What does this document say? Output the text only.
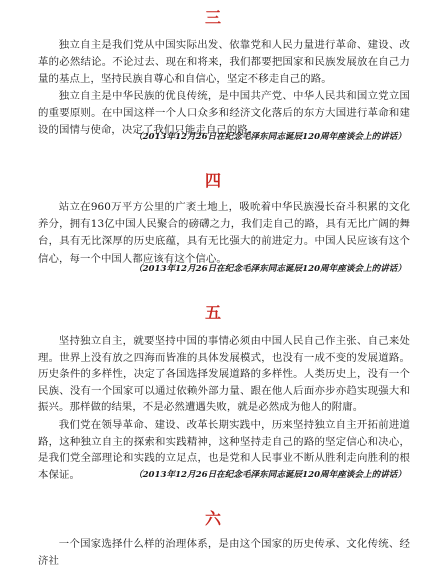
三

独立自主是我们党从中国实际出发、依靠党和人民力量进行革命、建设、改革的必然结论。不论过去、现在和将来，我们都要把国家和民族发展放在自己力量的基点上，坚持民族自尊心和自信心，坚定不移走自己的路。

独立自主是中华民族的优良传统，是中国共产党、中华人民共和国立党立国的重要原则。在中国这样一个人口众多和经济文化落后的东方大国进行革命和建设的国情与使命，决定了我们只能走自己的路。

（2013年12月26日在纪念毛泽东同志诞辰120周年座谈会上的讲话）
四

站立在960万平方公里的广袤土地上，吸吮着中华民族漫长奋斗积累的文化养分，拥有13亿中国人民聚合的磅礴之力，我们走自己的路，具有无比广阔的舞台，具有无比深厚的历史底蕴，具有无比强大的前进定力。中国人民应该有这个信心，每一个中国人都应该有这个信心。

（2013年12月26日在纪念毛泽东同志诞辰120周年座谈会上的讲话）
五

坚持独立自主，就要坚持中国的事情必须由中国人民自己作主张、自己来处理。世界上没有放之四海而皆准的具体发展模式，也没有一成不变的发展道路。历史条件的多样性，决定了各国选择发展道路的多样性。人类历史上，没有一个民族、没有一个国家可以通过依赖外部力量、跟在他人后面亦步亦趋实现强大和振兴。那样做的结果，不是必然遭遇失败，就是必然成为他人的附庸。

我们党在领导革命、建设、改革长期实践中，历来坚持独立自主开拓前进道路，这种独立自主的探索和实践精神，这种坚持走自己的路的坚定信心和决心，是我们党全部理论和实践的立足点，也是党和人民事业不断从胜利走向胜利的根本保证。	（2013年12月26日在纪念毛泽东同志诞辰120周年座谈会上的讲话）
六

一个国家选择什么样的治理体系，是由这个国家的历史传承、文化传统、经济社
